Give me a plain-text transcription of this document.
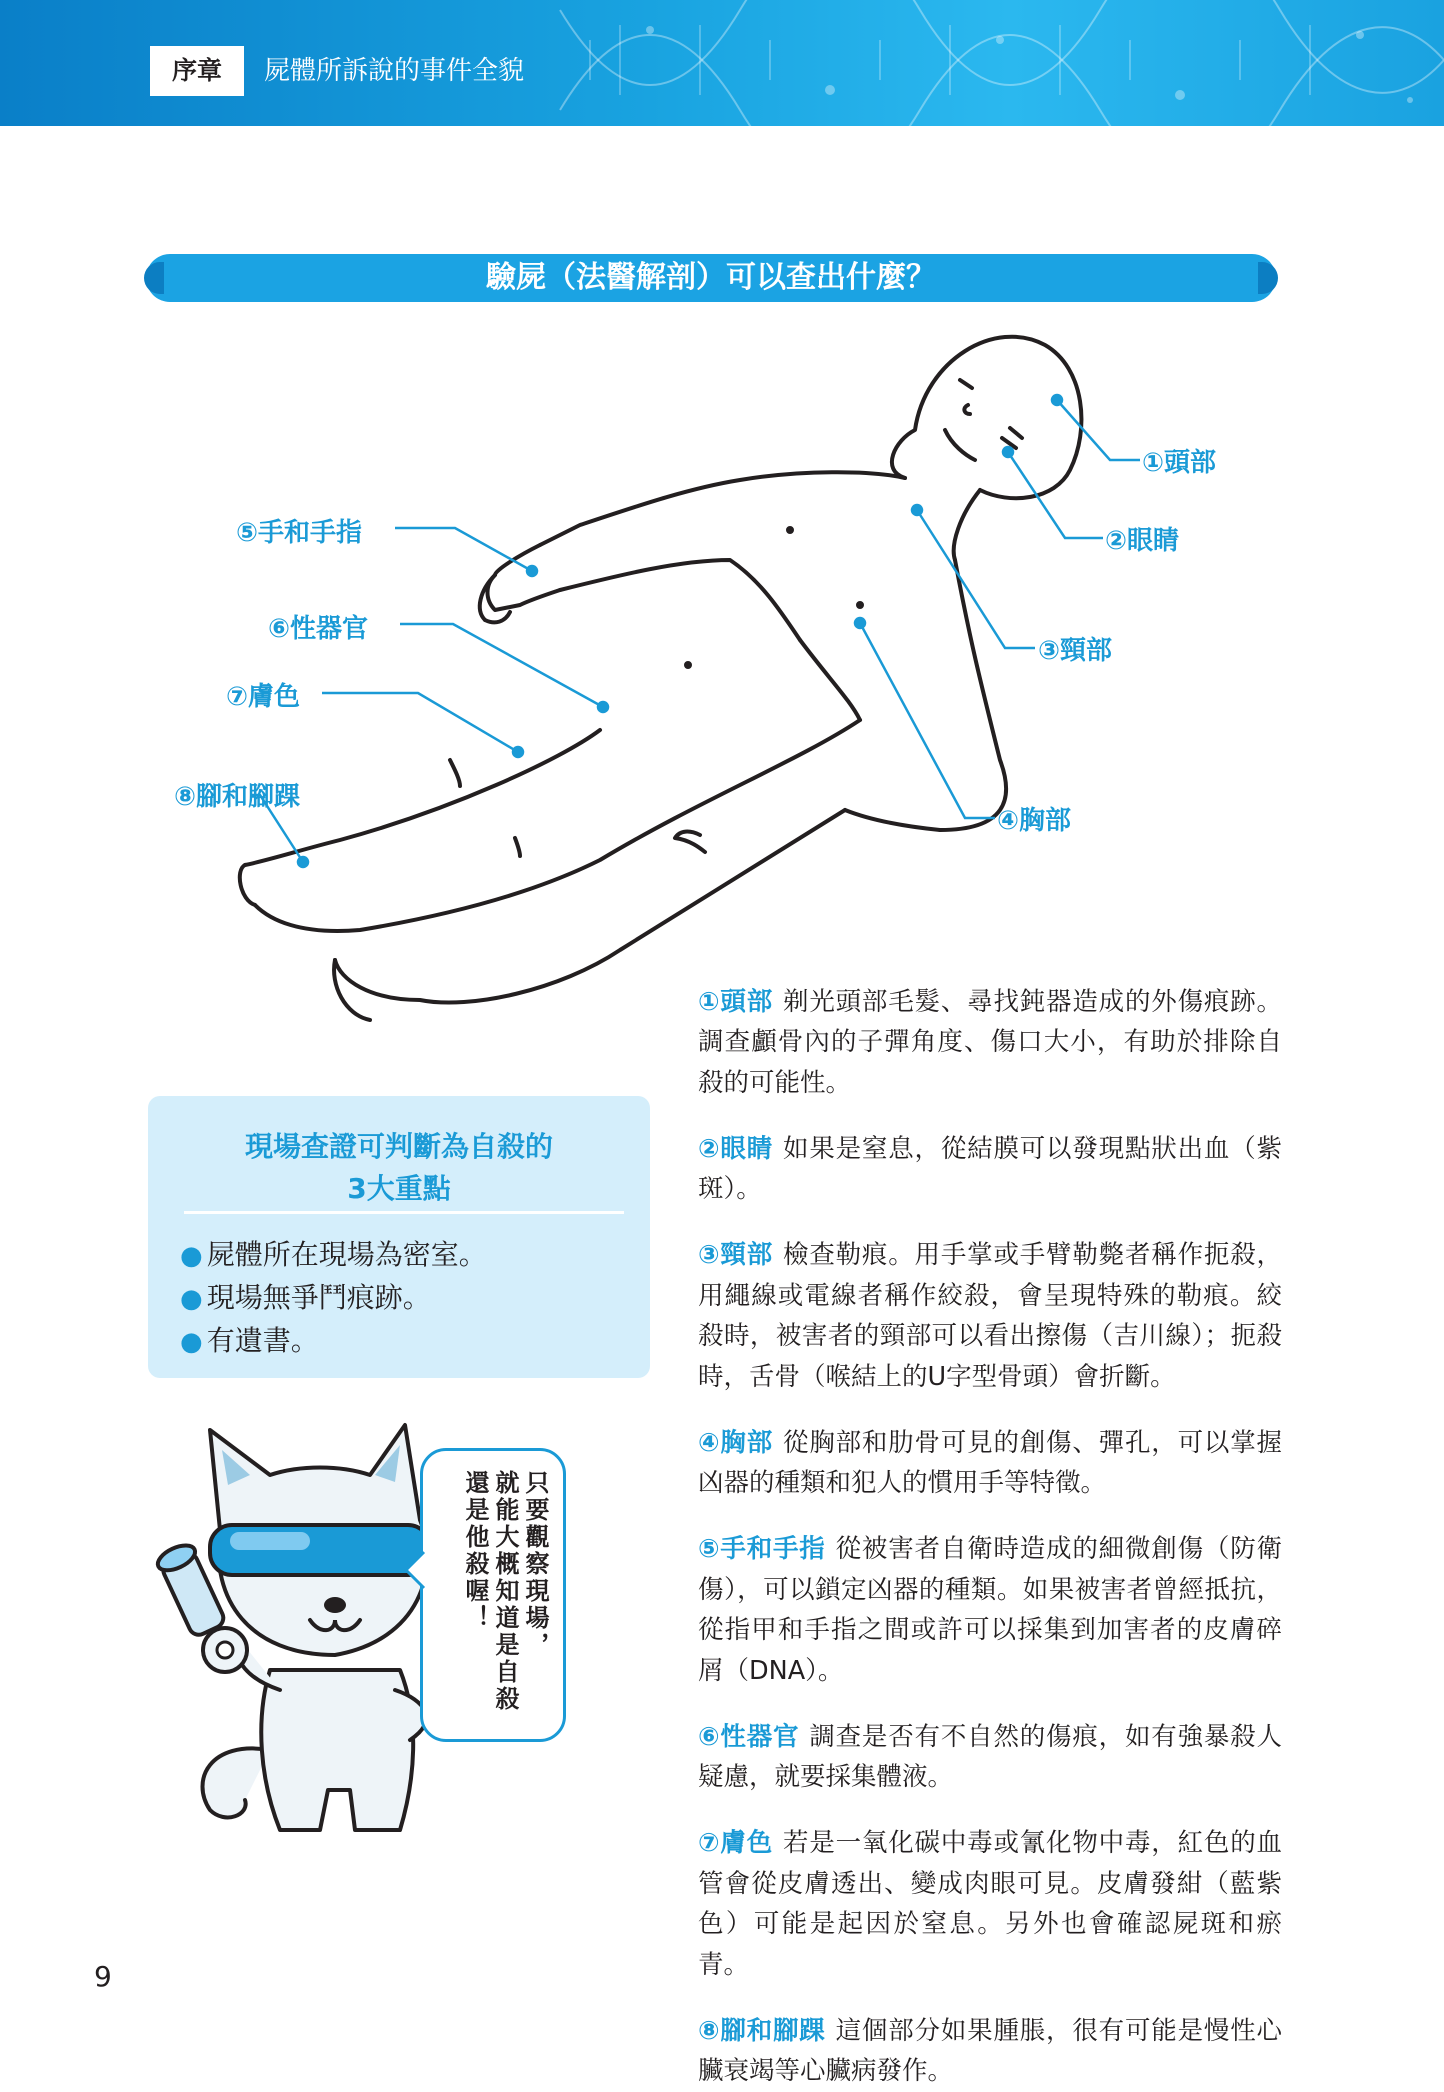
序章	屍體所訴說的事件全貌
驗屍（法醫解剖）可以查出什麼？
①頭部
②眼睛
③頸部
④胸部
⑤手和手指
⑥性器官
⑦膚色
⑧腳和腳踝
現場查證可判斷為自殺的
3大重點
● 屍體所在現場為密室。
● 現場無爭鬥痕跡。
● 有遺書。
只要觀察現場，
就能大概知道是自殺
還是他殺喔！

①頭部 剃光頭部毛髮、尋找鈍器造成的外傷痕跡。調查顱骨內的子彈角度、傷口大小，有助於排除自殺的可能性。

②眼睛 如果是窒息，從結膜可以發現點狀出血（紫斑）。

③頸部 檢查勒痕。用手掌或手臂勒斃者稱作扼殺，用繩線或電線者稱作絞殺，會呈現特殊的勒痕。絞殺時，被害者的頸部可以看出擦傷（吉川線）；扼殺時，舌骨（喉結上的U字型骨頭）會折斷。

④胸部 從胸部和肋骨可見的創傷、彈孔，可以掌握凶器的種類和犯人的慣用手等特徵。

⑤手和手指 從被害者自衛時造成的細微創傷（防衛傷），可以鎖定凶器的種類。如果被害者曾經抵抗，從指甲和手指之間或許可以採集到加害者的皮膚碎屑（DNA）。

⑥性器官 調查是否有不自然的傷痕，如有強暴殺人疑慮，就要採集體液。

⑦膚色 若是一氧化碳中毒或氰化物中毒，紅色的血管會從皮膚透出、變成肉眼可見。皮膚發紺（藍紫色）可能是起因於窒息。另外也會確認屍斑和瘀青。

⑧腳和腳踝 這個部分如果腫脹，很有可能是慢性心臟衰竭等心臟病發作。

9
